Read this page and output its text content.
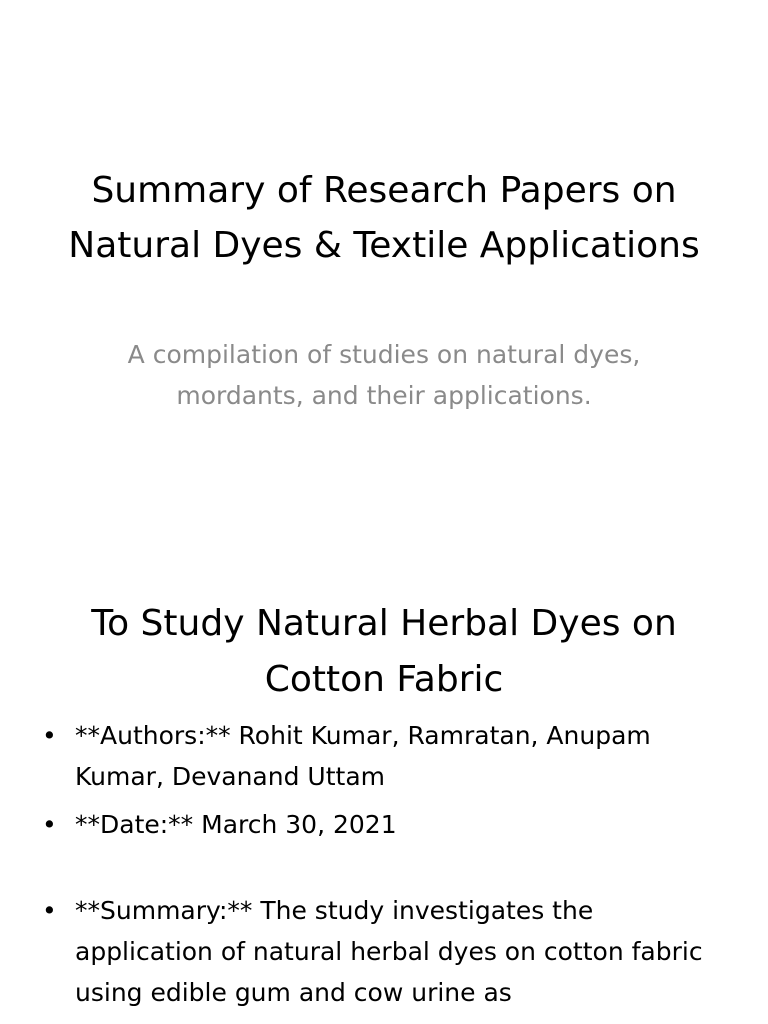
Summary of Research Papers on Natural Dyes & Textile Applications

A compilation of studies on natural dyes, mordants, and their applications.

To Study Natural Herbal Dyes on Cotton Fabric
• **Authors:** Rohit Kumar, Ramratan, Anupam Kumar, Devanand Uttam
• **Date:** March 30, 2021
• **Summary:** The study investigates the application of natural herbal dyes on cotton fabric using edible gum and cow urine as
